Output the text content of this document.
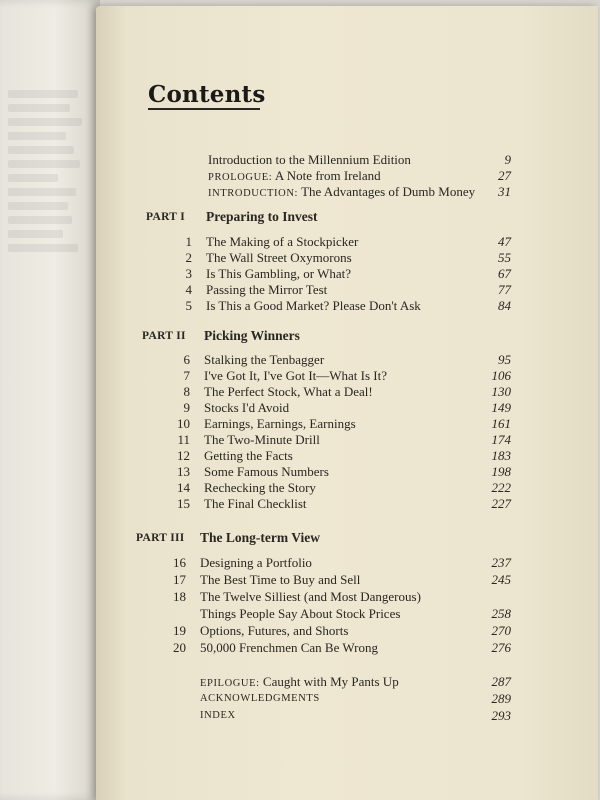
Contents
Introduction to the Millennium Edition	9
PROLOGUE: A Note from Ireland	27
INTRODUCTION: The Advantages of Dumb Money 31
PART I Preparing to Invest
1 The Making of a Stockpicker	47
2 The Wall Street Oxymorons	55
3 Is This Gambling, or What?	67
4 Passing the Mirror Test	77
5 Is This a Good Market? Please Don't Ask	84
PART II Picking Winners
6 Stalking the Tenbagger	95
7 I've Got It, I've Got It—What Is It?	106
8 The Perfect Stock, What a Deal!	130
9 Stocks I'd Avoid	149
10 Earnings, Earnings, Earnings	161
11 The Two-Minute Drill	174
12 Getting the Facts	183
13 Some Famous Numbers	198
14 Rechecking the Story	222
15 The Final Checklist	227
PART III The Long-term View
16 Designing a Portfolio	237
17 The Best Time to Buy and Sell	245
18 The Twelve Silliest (and Most Dangerous)
Things People Say About Stock Prices	258
19 Options, Futures, and Shorts	270
20 50,000 Frenchmen Can Be Wrong	276
EPILOGUE: Caught with My Pants Up	287
ACKNOWLEDGMENTS	289
INDEX	293
